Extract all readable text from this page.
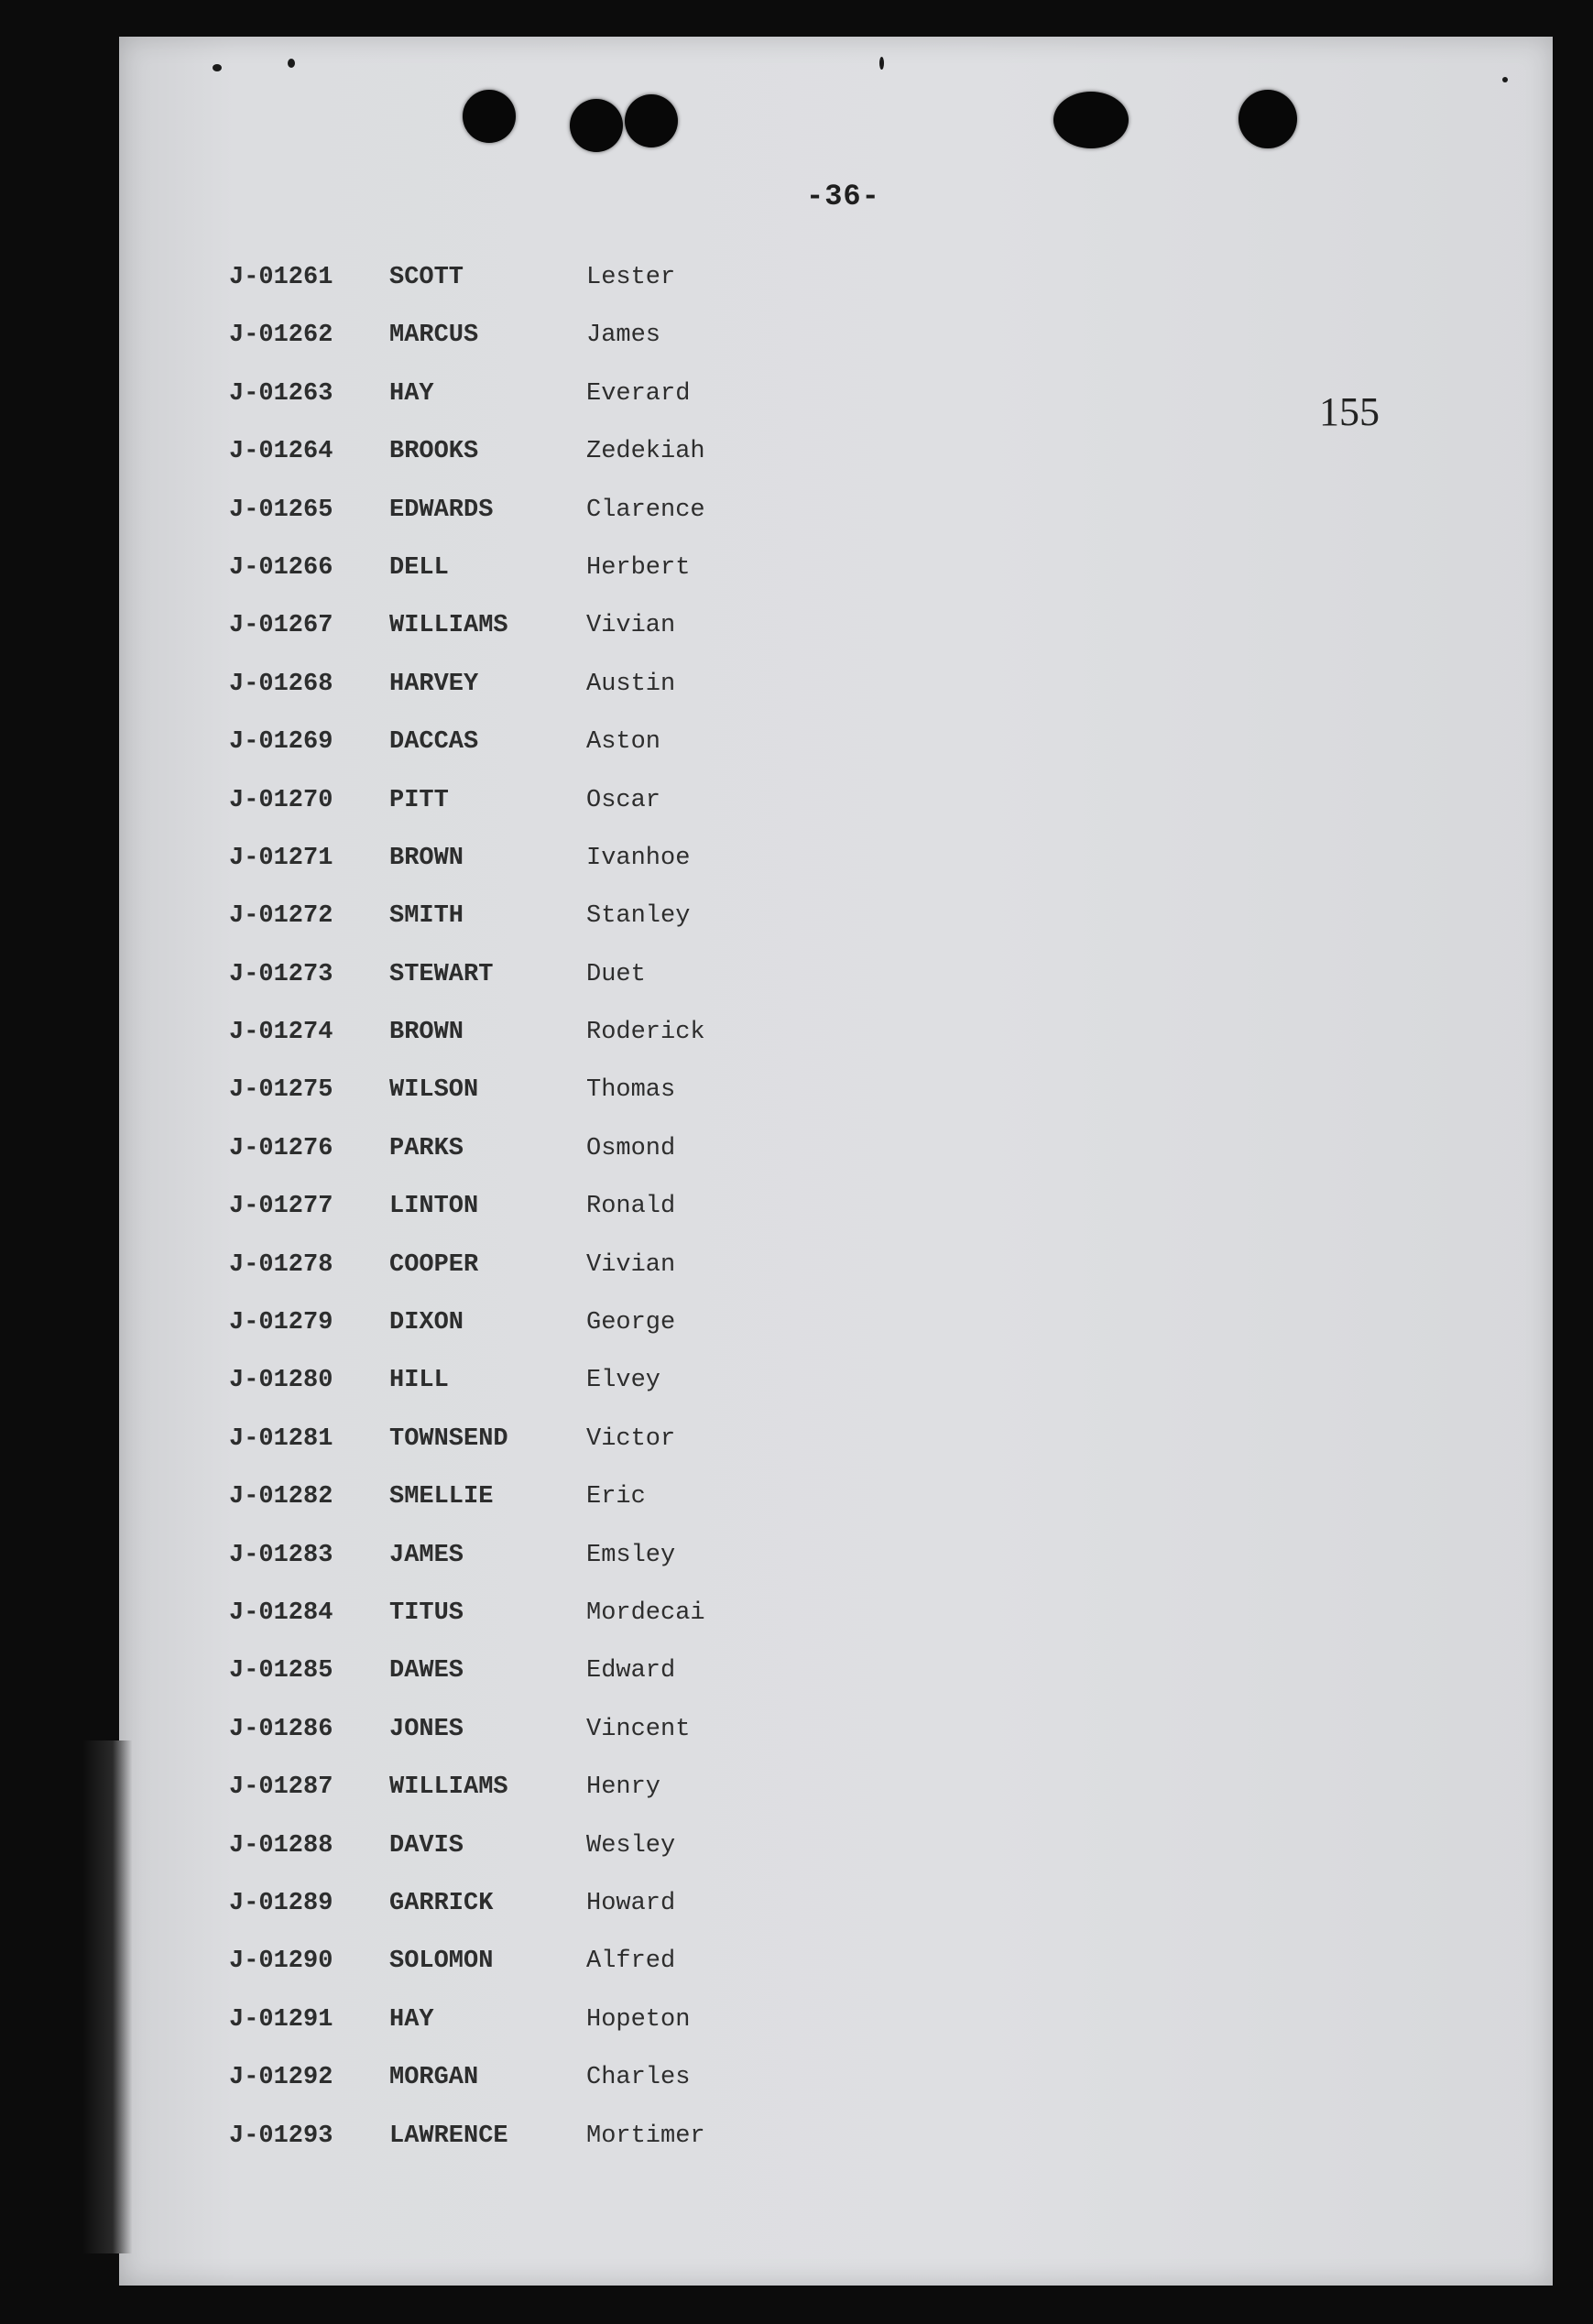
-36-
155
J-01261 SCOTT	Lester
J-01262 MARCUS	James
J-01263 HAY	Everard
J-01264 BROOKS	Zedekiah
J-01265 EDWARDS	Clarence
J-01266 DELL	Herbert
J-01267 WILLIAMS	Vivian
J-01268 HARVEY	Austin
J-01269 DACCAS	Aston
J-01270 PITT	Oscar
J-01271 BROWN	Ivanhoe
J-01272 SMITH	Stanley
J-01273 STEWART	Duet
J-01274 BROWN	Roderick
J-01275 WILSON	Thomas
J-01276 PARKS	Osmond
J-01277 LINTON	Ronald
J-01278 COOPER	Vivian
J-01279 DIXON	George
J-01280 HILL	Elvey
J-01281 TOWNSEND	Victor
J-01282 SMELLIE	Eric
J-01283 JAMES	Emsley
J-01284 TITUS	Mordecai
J-01285 DAWES	Edward
J-01286 JONES	Vincent
J-01287 WILLIAMS	Henry
J-01288 DAVIS	Wesley
J-01289 GARRICK	Howard
J-01290 SOLOMON	Alfred
J-01291 HAY	Hopeton
J-01292 MORGAN	Charles
J-01293 LAWRENCE	Mortimer
